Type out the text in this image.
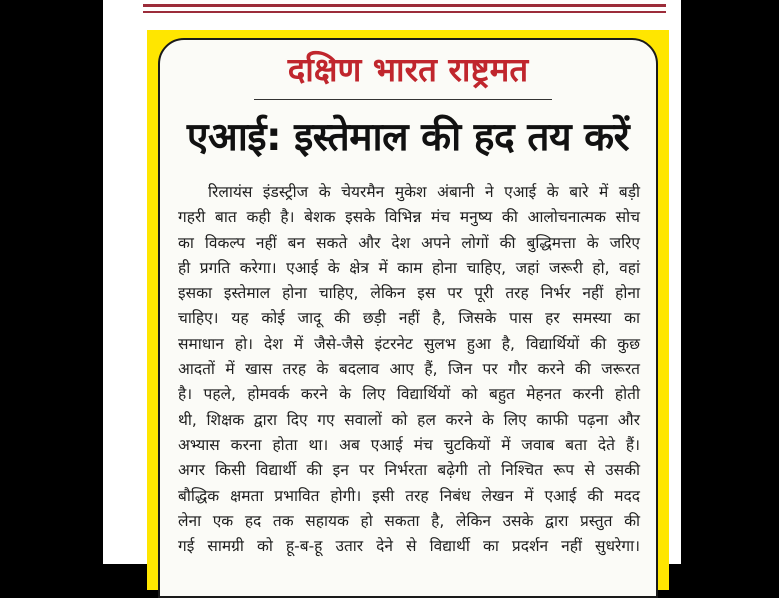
दक्षिण भारत राष्ट्रमत
एआई: इस्तेमाल की हद तय करें
रिलायंस इंडस्ट्रीज के चेयरमैन मुकेश अंबानी ने एआई के बारे में बड़ी
गहरी बात कही है। बेशक इसके विभिन्न मंच मनुष्य की आलोचनात्मक सोच
का विकल्प नहीं बन सकते और देश अपने लोगों की बुद्धिमत्ता के जरिए
ही प्रगति करेगा। एआई के क्षेत्र में काम होना चाहिए, जहां जरूरी हो, वहां
इसका इस्तेमाल होना चाहिए, लेकिन इस पर पूरी तरह निर्भर नहीं होना
चाहिए। यह कोई जादू की छड़ी नहीं है, जिसके पास हर समस्या का
समाधान हो। देश में जैसे-जैसे इंटरनेट सुलभ हुआ है, विद्यार्थियों की कुछ
आदतों में खास तरह के बदलाव आए हैं, जिन पर गौर करने की जरूरत
है। पहले, होमवर्क करने के लिए विद्यार्थियों को बहुत मेहनत करनी होती
थी, शिक्षक द्वारा दिए गए सवालों को हल करने के लिए काफी पढ़ना और
अभ्यास करना होता था। अब एआई मंच चुटकियों में जवाब बता देते हैं।
अगर किसी विद्यार्थी की इन पर निर्भरता बढ़ेगी तो निश्चित रूप से उसकी
बौद्धिक क्षमता प्रभावित होगी। इसी तरह निबंध लेखन में एआई की मदद
लेना एक हद तक सहायक हो सकता है, लेकिन उसके द्वारा प्रस्तुत की
गई सामग्री को हू-ब-हू उतार देने से विद्यार्थी का प्रदर्शन नहीं सुधरेगा।
